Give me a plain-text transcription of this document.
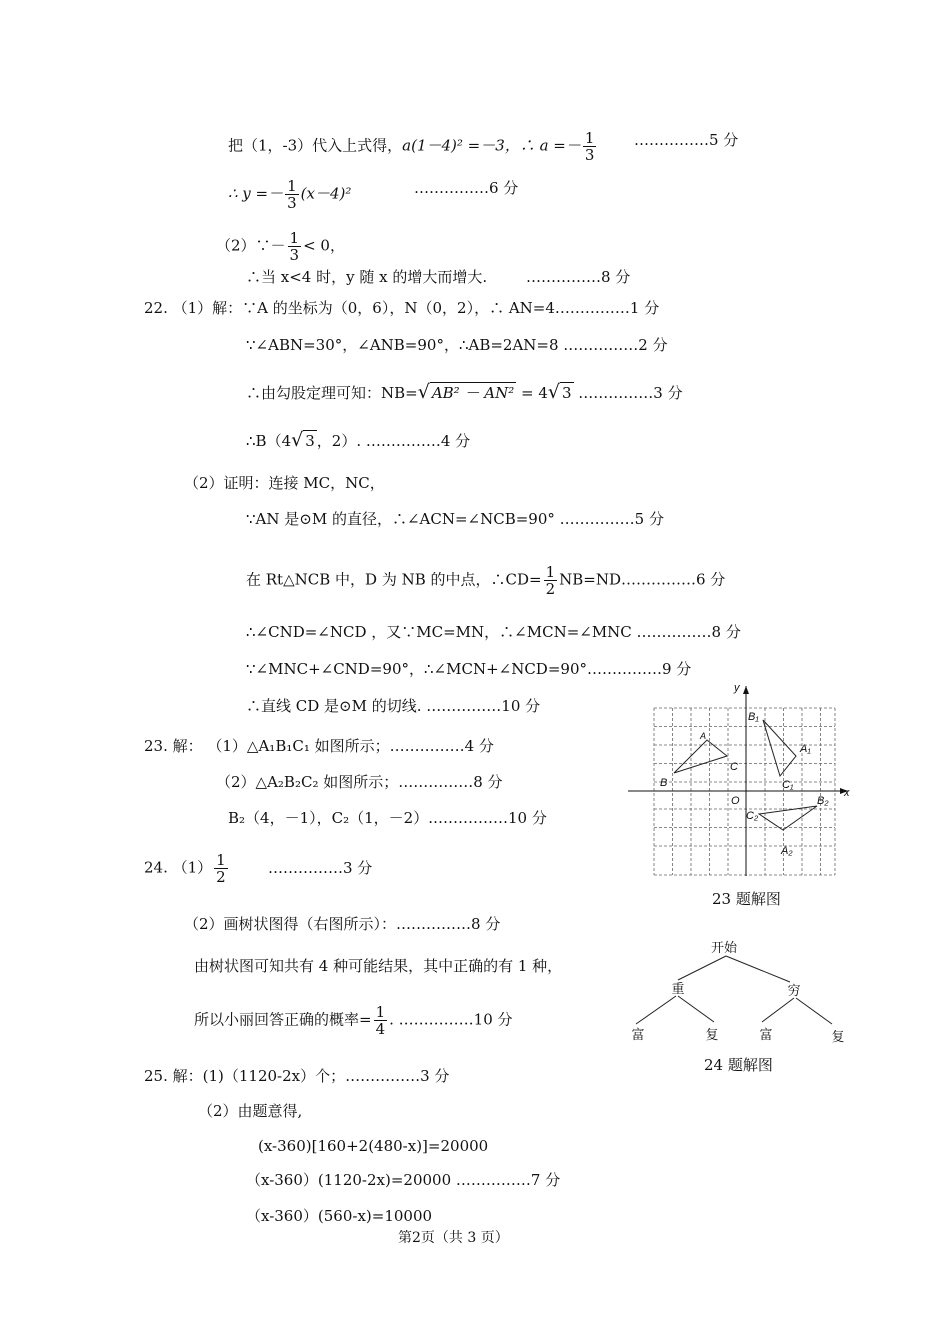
把（1，-3）代入上式得，a(1－4)² =－3，∴ $a =- \frac{1}{3}$	……………5 分
∴ $y =- \frac{1}{3} (x-4)^2$	……………6 分
（2）∵－ $\frac{1}{3} < 0$，
∴当 x<4 时，y 随 x 的增大而增大.	……………8 分
22. （1）解：∵A 的坐标为（0，6），N（0，2），∴ AN=4……………1 分
∵∠ABN=30°，∠ANB=90°，∴AB=2AN=8 ……………2 分
∴由勾股定理可知：NB=√ AB² － AN² = 4√ 3 ……………3 分
∴B（4√ 3 ，2）. ……………4 分
（2）证明：连接 MC，NC，
∵AN 是⊙M 的直径，∴∠ACN=∠NCB=90° ……………5 分
在 Rt△NCB 中，D 为 NB 的中点，∴CD= $\frac{1}{2}$ NB=ND……………6 分
∴∠CND=∠NCD ，又∵MC=MN，∴∠MCN=∠MNC ……………8 分
∵∠MNC+∠CND=90°，∴∠MCN+∠NCD=90°……………9 分
∴直线 CD 是⊙M 的切线. ……………10 分
23. 解： （1）△A₁B₁C₁ 如图所示；……………4 分
（2）△A₂B₂C₂ 如图所示；……………8 分
B₂（4，－1），C₂（1，－2）.……………10 分
24. $(1) \frac{1}{2}$	……………3 分
（2）画树状图得（右图所示）：……………8 分
由树状图可知共有 4 种可能结果，其中正确的有 1 种，
所以小丽回答正确的概率= $\frac{1}{4}$ . ……………10 分
25. 解：(1)（1120-2x）个；……………3 分
（2）由题意得,
(x-360)[160+2(480-x)]=20000
（x-360）(1120-2x)=20000 ……………7 分
（x-360）(560-x)=10000
第2页（共 3 页）
y
x
O
A
B
C
B₁
A₁
C₁
C₂
B₂
A₂
23 题解图
开始
重	穷
富	复	富	复
24 题解图
